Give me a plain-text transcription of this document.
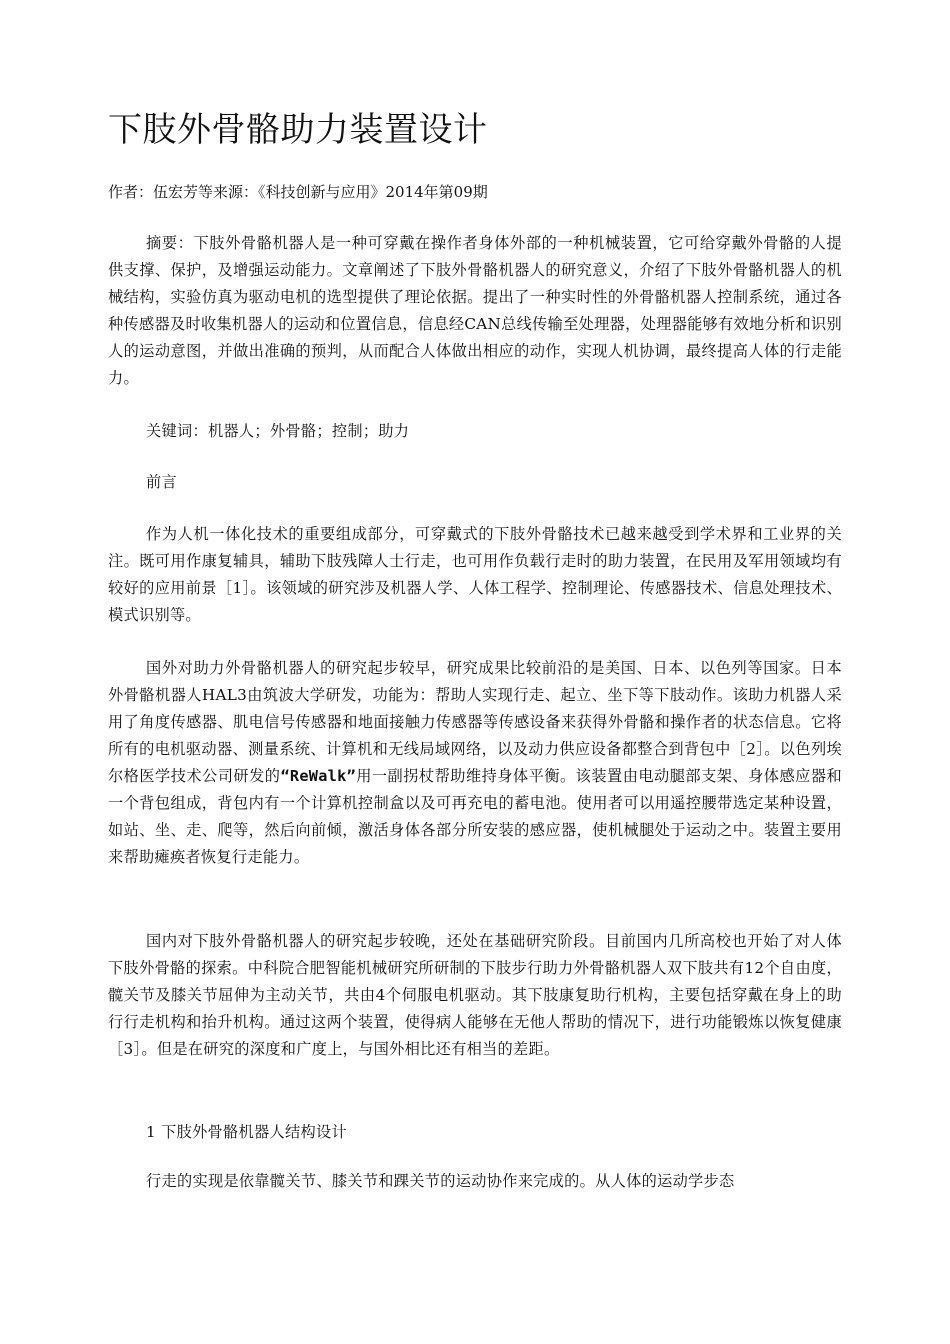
下肢外骨骼助力装置设计
作者：伍宏芳等来源：《科技创新与应用》2014年第09期

摘要：下肢外骨骼机器人是一种可穿戴在操作者身体外部的一种机械装置，它可给穿戴外骨骼的人提供支撑、保护，及增强运动能力。文章阐述了下肢外骨骼机器人的研究意义，介绍了下肢外骨骼机器人的机械结构，实验仿真为驱动电机的选型提供了理论依据。提出了一种实时性的外骨骼机器人控制系统，通过各种传感器及时收集机器人的运动和位置信息，信息经CAN总线传输至处理器，处理器能够有效地分析和识别人的运动意图，并做出准确的预判，从而配合人体做出相应的动作，实现人机协调，最终提高人体的行走能力。

关键词：机器人；外骨骼；控制；助力
前言

作为人机一体化技术的重要组成部分，可穿戴式的下肢外骨骼技术已越来越受到学术界和工业界的关注。既可用作康复辅具，辅助下肢残障人士行走，也可用作负载行走时的助力装置，在民用及军用领域均有较好的应用前景［1］。该领域的研究涉及机器人学、人体工程学、控制理论、传感器技术、信息处理技术、模式识别等。

国外对助力外骨骼机器人的研究起步较早，研究成果比较前沿的是美国、日本、以色列等国家。日本外骨骼机器人HAL3由筑波大学研发，功能为：帮助人实现行走、起立、坐下等下肢动作。该助力机器人采用了角度传感器、肌电信号传感器和地面接触力传感器等传感设备来获得外骨骼和操作者的状态信息。它将所有的电机驱动器、测量系统、计算机和无线局域网络，以及动力供应设备都整合到背包中［2］。以色列埃尔格医学技术公司研发的“ReWalk”用一副拐杖帮助维持身体平衡。该装置由电动腿部支架、身体感应器和一个背包组成，背包内有一个计算机控制盒以及可再充电的蓄电池。使用者可以用遥控腰带选定某种设置，如站、坐、走、爬等，然后向前倾，激活身体各部分所安装的感应器，使机械腿处于运动之中。装置主要用来帮助瘫痪者恢复行走能力。

国内对下肢外骨骼机器人的研究起步较晚，还处在基础研究阶段。目前国内几所高校也开始了对人体下肢外骨骼的探索。中科院合肥智能机械研究所研制的下肢步行助力外骨骼机器人双下肢共有12个自由度，髋关节及膝关节屈伸为主动关节，共由4个伺服电机驱动。其下肢康复助行机构，主要包括穿戴在身上的助行行走机构和抬升机构。通过这两个装置，使得病人能够在无他人帮助的情况下，进行功能锻炼以恢复健康［3］。但是在研究的深度和广度上，与国外相比还有相当的差距。

1 下肢外骨骼机器人结构设计

行走的实现是依靠髋关节、膝关节和踝关节的运动协作来完成的。从人体的运动学步态
